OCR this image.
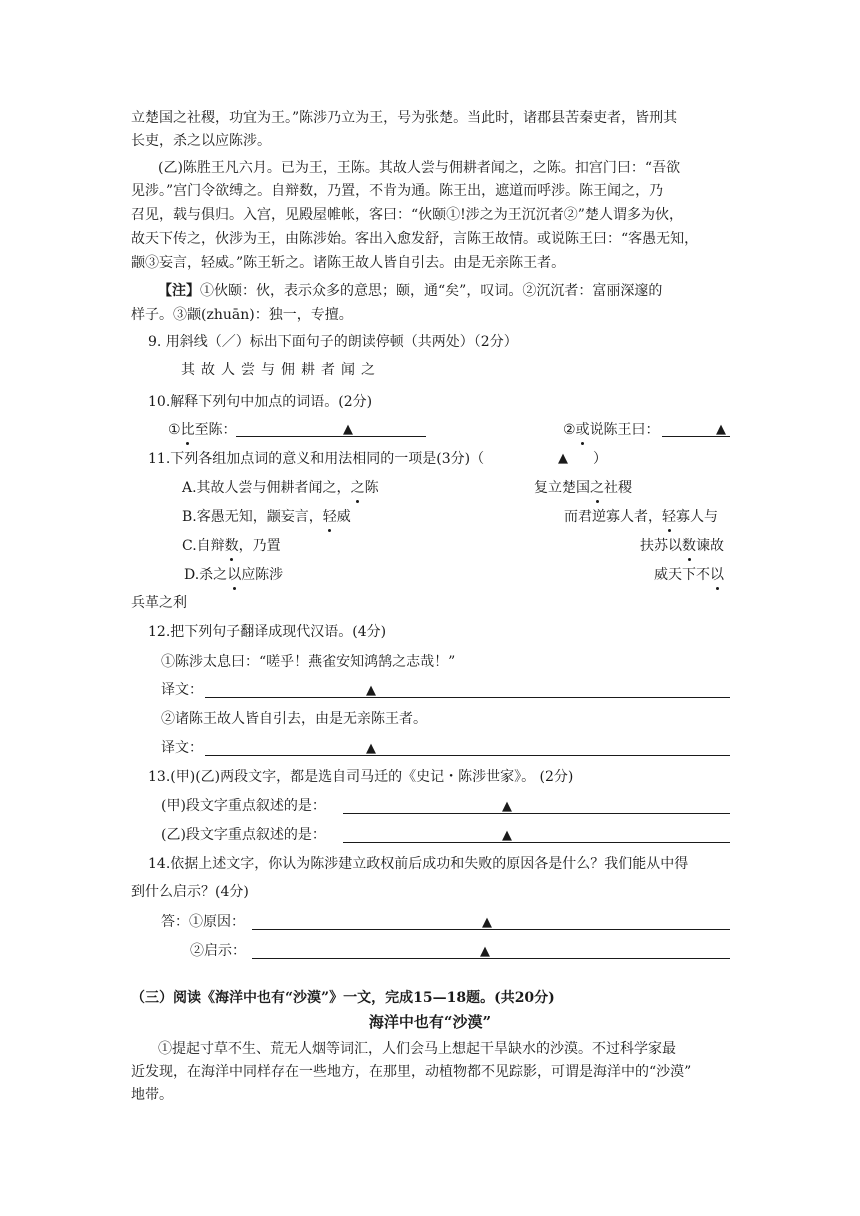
立楚国之社稷，功宜为王。”陈涉乃立为王，号为张楚。当此时，诸郡县苦秦吏者，皆刑其
长吏，杀之以应陈涉。
(乙)陈胜王凡六月。已为王，王陈。其故人尝与佣耕者闻之，之陈。扣宫门曰：“吾欲
见涉。”宫门令欲缚之。自辩数，乃置，不肯为通。陈王出，遮道而呼涉。陈王闻之，乃
召见，载与俱归。入宫，见殿屋帷帐，客曰：“伙颐①!涉之为王沉沉者②”楚人谓多为伙，
故天下传之，伙涉为王，由陈涉始。客出入愈发舒，言陈王故情。或说陈王曰：“客愚无知，
颛③妄言，轻威。”陈王斩之。诸陈王故人皆自引去。由是无亲陈王者。
【注】①伙颐：伙，表示众多的意思；颐，通“矣”，叹词。②沉沉者：富丽深邃的
样子。③颛(zhuān)：独一，专擅。
9. 用斜线（／）标出下面句子的朗读停顿（共两处）（2分）
其故人尝与佣耕者闻之
10.解释下列句中加点的词语。(2分)
①比至陈：	▲	②或说陈王曰：	▲
11.下列各组加点词的意义和用法相同的一项是(3分)（	▲ ）
A.其故人尝与佣耕者闻之，之陈	复立楚国之社稷
B.客愚无知，颛妄言，轻威	而君逆寡人者，轻寡人与
C.自辩数，乃置	扶苏以数谏故
D.杀之以应陈涉	威天下不以
兵革之利
12.把下列句子翻译成现代汉语。(4分)
①陈涉太息曰：“嗟乎！燕雀安知鸿鹄之志哉！”
译文：	▲
②诸陈王故人皆自引去，由是无亲陈王者。
译文：	▲
13.(甲)(乙)两段文字，都是选自司马迁的《史记・陈涉世家》。 (2分)
(甲)段文字重点叙述的是：	▲
(乙)段文字重点叙述的是：	▲
14.依据上述文字，你认为陈涉建立政权前后成功和失败的原因各是什么？我们能从中得
到什么启示？(4分)
答：①原因：	▲
②启示：	▲
（三）阅读《海洋中也有“沙漠”》一文，完成15—18题。(共20分)
海洋中也有“沙漠”
①提起寸草不生、荒无人烟等词汇，人们会马上想起干旱缺水的沙漠。不过科学家最
近发现，在海洋中同样存在一些地方，在那里，动植物都不见踪影，可谓是海洋中的“沙漠”
地带。
